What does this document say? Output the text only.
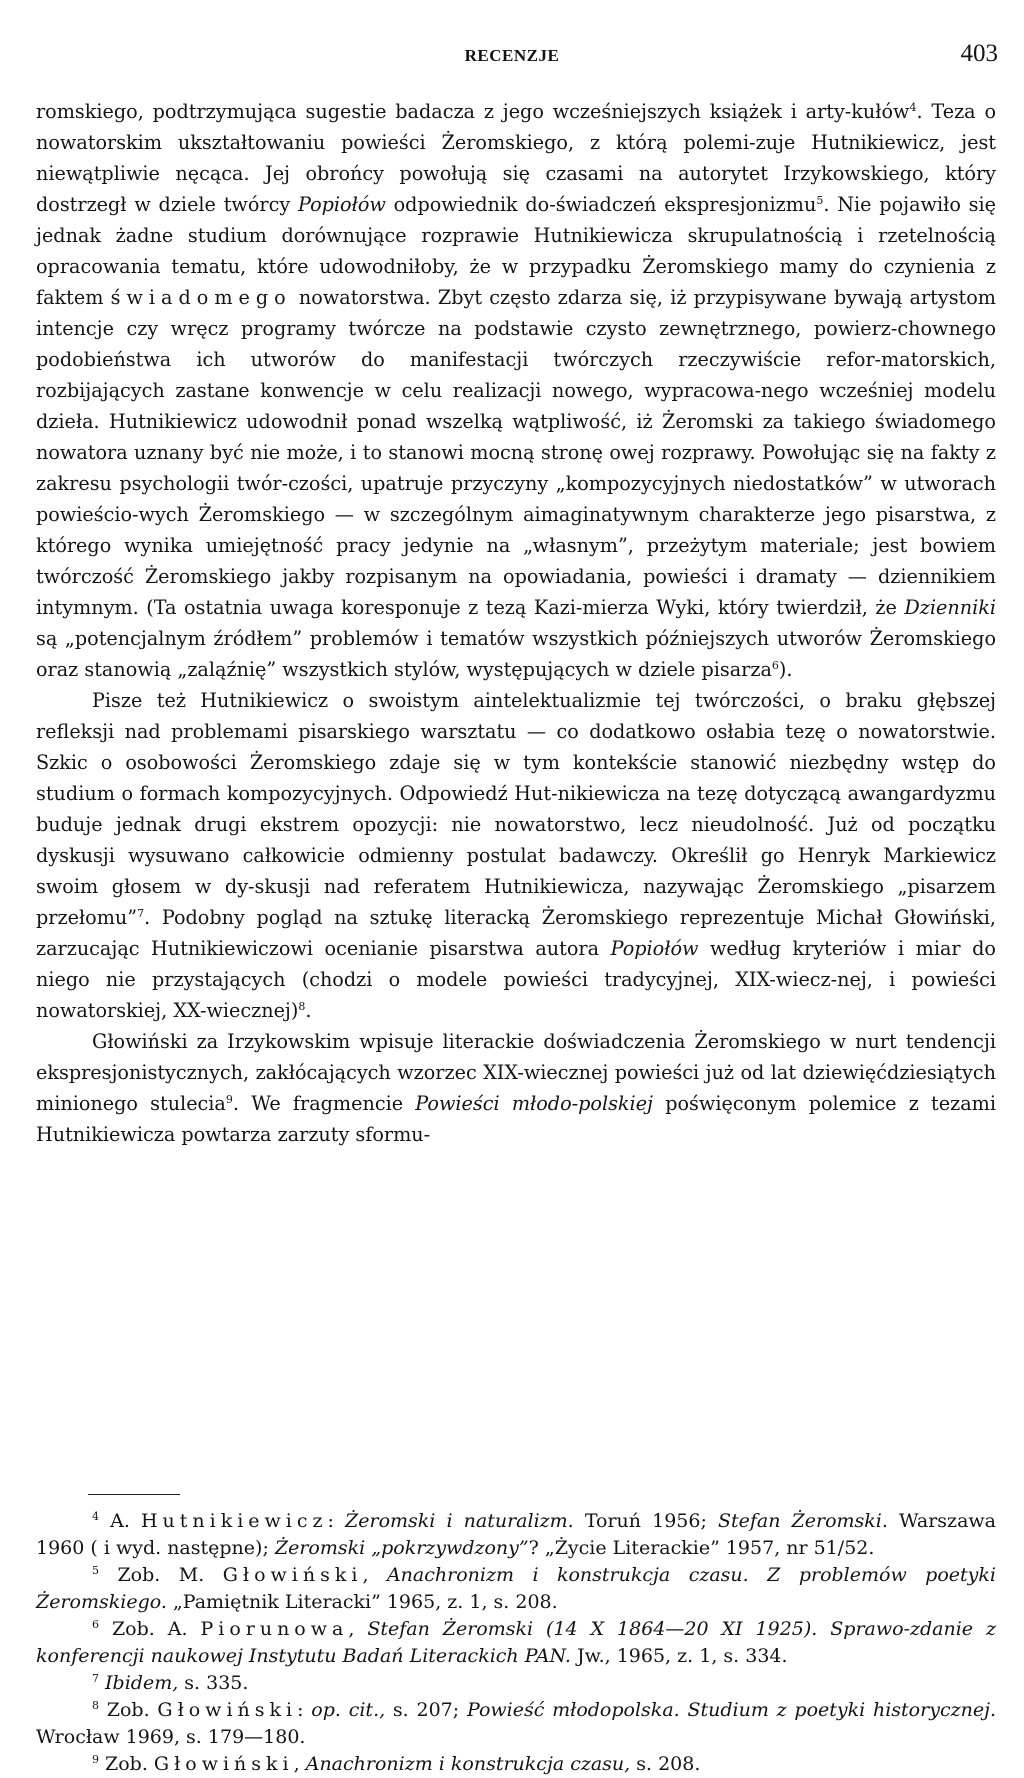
RECENZJE	403

romskiego, podtrzymująca sugestie badacza z jego wcześniejszych książek i arty-kułów$^4$. Teza o nowatorskim ukształtowaniu powieści Żeromskiego, z którą polemi-zuje Hutnikiewicz, jest niewątpliwie nęcąca. Jej obrońcy powołują się czasami na autorytet Irzykowskiego, który dostrzegł w dziele twórcy Popiołów odpowiednik do-świadczeń ekspresjonizmu$^5$. Nie pojawiło się jednak żadne studium dorównujące rozprawie Hutnikiewicza skrupulatnością i rzetelnością opracowania tematu, które udowodniłoby, że w przypadku Żeromskiego mamy do czynienia z faktem świadomego nowatorstwa. Zbyt często zdarza się, iż przypisywane bywają artystom intencje czy wręcz programy twórcze na podstawie czysto zewnętrznego, powierz-chownego podobieństwa ich utworów do manifestacji twórczych rzeczywiście refor-matorskich, rozbijających zastane konwencje w celu realizacji nowego, wypracowa-nego wcześniej modelu dzieła. Hutnikiewicz udowodnił ponad wszelką wątpliwość, iż Żeromski za takiego świadomego nowatora uznany być nie może, i to stanowi mocną stronę owej rozprawy. Powołując się na fakty z zakresu psychologii twór-czości, upatruje przyczyny „kompozycyjnych niedostatków” w utworach powieścio-wych Żeromskiego — w szczególnym aimaginatywnym charakterze jego pisarstwa, z którego wynika umiejętność pracy jedynie na „własnym”, przeżytym materiale; jest bowiem twórczość Żeromskiego jakby rozpisanym na opowiadania, powieści i dramaty — dziennikiem intymnym. (Ta ostatnia uwaga koresponuje z tezą Kazi-mierza Wyki, który twierdził, że Dzienniki są „potencjalnym źródłem” problemów i tematów wszystkich późniejszych utworów Żeromskiego oraz stanowią „zaląźnię” wszystkich stylów, występujących w dziele pisarza$^6$).

Pisze też Hutnikiewicz o swoistym aintelektualizmie tej twórczości, o braku głębszej refleksji nad problemami pisarskiego warsztatu — co dodatkowo osłabia tezę o nowatorstwie. Szkic o osobowości Żeromskiego zdaje się w tym kontekście stanowić niezbędny wstęp do studium o formach kompozycyjnych. Odpowiedź Hut-nikiewicza na tezę dotyczącą awangardyzmu buduje jednak drugi ekstrem opozycji: nie nowatorstwo, lecz nieudolność. Już od początku dyskusji wysuwano całkowicie odmienny postulat badawczy. Określił go Henryk Markiewicz swoim głosem w dy-skusji nad referatem Hutnikiewicza, nazywając Żeromskiego „pisarzem przełomu”$^7$. Podobny pogląd na sztukę literacką Żeromskiego reprezentuje Michał Głowiński, zarzucając Hutnikiewiczowi ocenianie pisarstwa autora Popiołów według kryteriów i miar do niego nie przystających (chodzi o modele powieści tradycyjnej, XIX-wiecz-nej, i powieści nowatorskiej, XX-wiecznej)$^8$.

Głowiński za Irzykowskim wpisuje literackie doświadczenia Żeromskiego w nurt tendencji ekspresjonistycznych, zakłócających wzorzec XIX-wiecznej powieści już od lat dziewięćdziesiątych minionego stulecia$^9$. We fragmencie Powieści młodo-polskiej poświęconym polemice z tezami Hutnikiewicza powtarza zarzuty sformu-

$^4$ A. Hutnikiewicz: Żeromski i naturalizm. Toruń 1956; Stefan Żeromski. Warszawa 1960 ( i wyd. następne); Żeromski „pokrzywdzony”? „Życie Literackie” 1957, nr 51/52.

$^5$ Zob. M. Głowiński, Anachronizm i konstrukcja czasu. Z problemów poetyki Żeromskiego. „Pamiętnik Literacki” 1965, z. 1, s. 208.

$^6$ Zob. A. Piorunowa, Stefan Żeromski (14 X 1864—20 XI 1925). Sprawo-zdanie z konferencji naukowej Instytutu Badań Literackich PAN. Jw., 1965, z. 1, s. 334.

$^7$ Ibidem, s. 335.

$^8$ Zob. Głowiński: op. cit., s. 207; Powieść młodopolska. Studium z poetyki historycznej. Wrocław 1969, s. 179—180.

$^9$ Zob. Głowiński, Anachronizm i konstrukcja czasu, s. 208.
